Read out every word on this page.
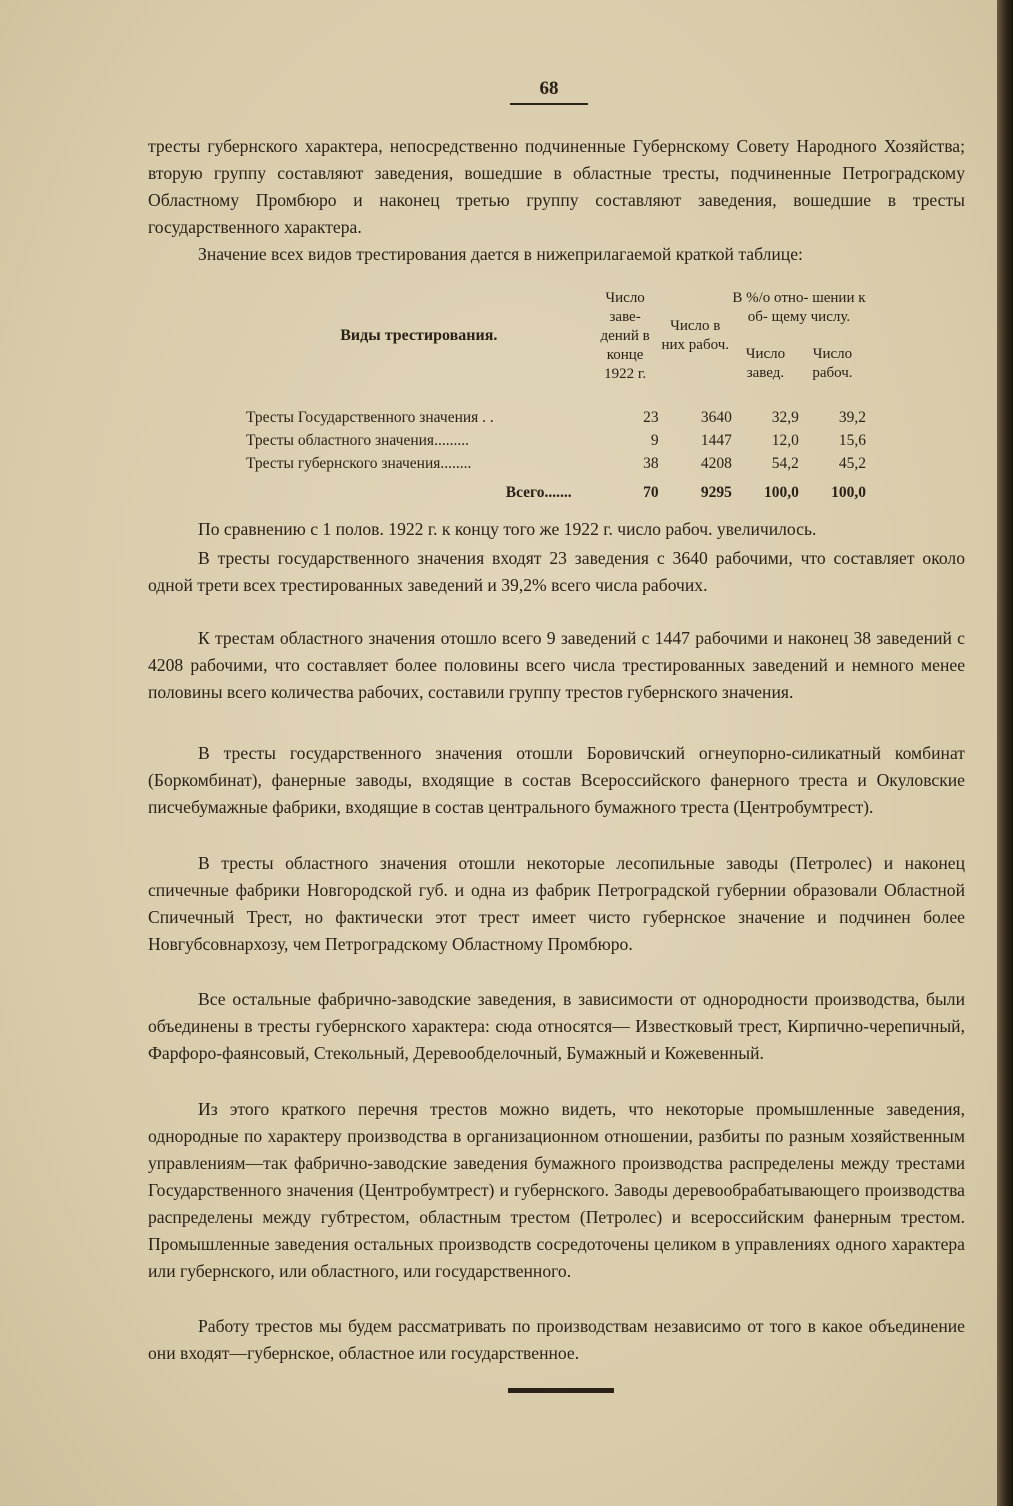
68

тресты губернского характера, непосредственно подчиненные Губернскому Совету Народного Хозяйства; вторую группу составляют заведения, вошедшие в областные тресты, подчиненные Петроградскому Областному Промбюро и наконец третью группу составляют заведения, вошедшие в тресты государственного характера.

Значение всех видов трестирования дается в нижеприлагаемой краткой таблице:

Виды трестирования.	Число заве- дений в конце 1922 г.	Число в них рабоч.	В %/о отно- шении к об- щему числу.	
			Число завед.	Число рабоч.

Тресты Государственного значения . .	23	3640	32,9	39,2
Тресты областного значения.........	9	1447	12,0	15,6
Тресты губернского значения........	38	4208	54,2	45,2

Всего.......	70	9295	100,0	100,0

По сравнению с 1 полов. 1922 г. к концу того же 1922 г. число рабоч. увеличилось.

В тресты государственного значения входят 23 заведения с 3640 рабочими, что составляет около одной трети всех трестированных заведений и 39,2% всего числа рабочих.

К трестам областного значения отошло всего 9 заведений с 1447 рабочими и наконец 38 заведений с 4208 рабочими, что составляет более половины всего числа трестированных заведений и немного менее половины всего количества рабочих, составили группу трестов губернского значения.

В тресты государственного значения отошли Боровичский огнеупорно-силикатный комбинат (Боркомбинат), фанерные заводы, входящие в состав Всероссийского фанерного треста и Окуловские писчебумажные фабрики, входящие в состав центрального бумажного треста (Центробумтрест).

В тресты областного значения отошли некоторые лесопильные заводы (Петролес) и наконец спичечные фабрики Новгородской губ. и одна из фабрик Петроградской губернии образовали Областной Спичечный Трест, но фактически этот трест имеет чисто губернское значение и подчинен более Новгубсовнархозу, чем Петроградскому Областному Промбюро.

Все остальные фабрично-заводские заведения, в зависимости от однородности производства, были объединены в тресты губернского характера: сюда относятся— Известковый трест, Кирпично-черепичный, Фарфоро-фаянсовый, Стекольный, Деревообделочный, Бумажный и Кожевенный.

Из этого краткого перечня трестов можно видеть, что некоторые промышленные заведения, однородные по характеру производства в организационном отношении, разбиты по разным хозяйственным управлениям—так фабрично-заводские заведения бумажного производства распределены между трестами Государственного значения (Центробумтрест) и губернского. Заводы деревообрабатывающего производства распределены между губтрестом, областным трестом (Петролес) и всероссийским фанерным трестом. Промышленные заведения остальных производств сосредоточены целиком в управлениях одного характера или губернского, или областного, или государственного.

Работу трестов мы будем рассматривать по производствам независимо от того в какое объединение они входят—губернское, областное или государственное.
